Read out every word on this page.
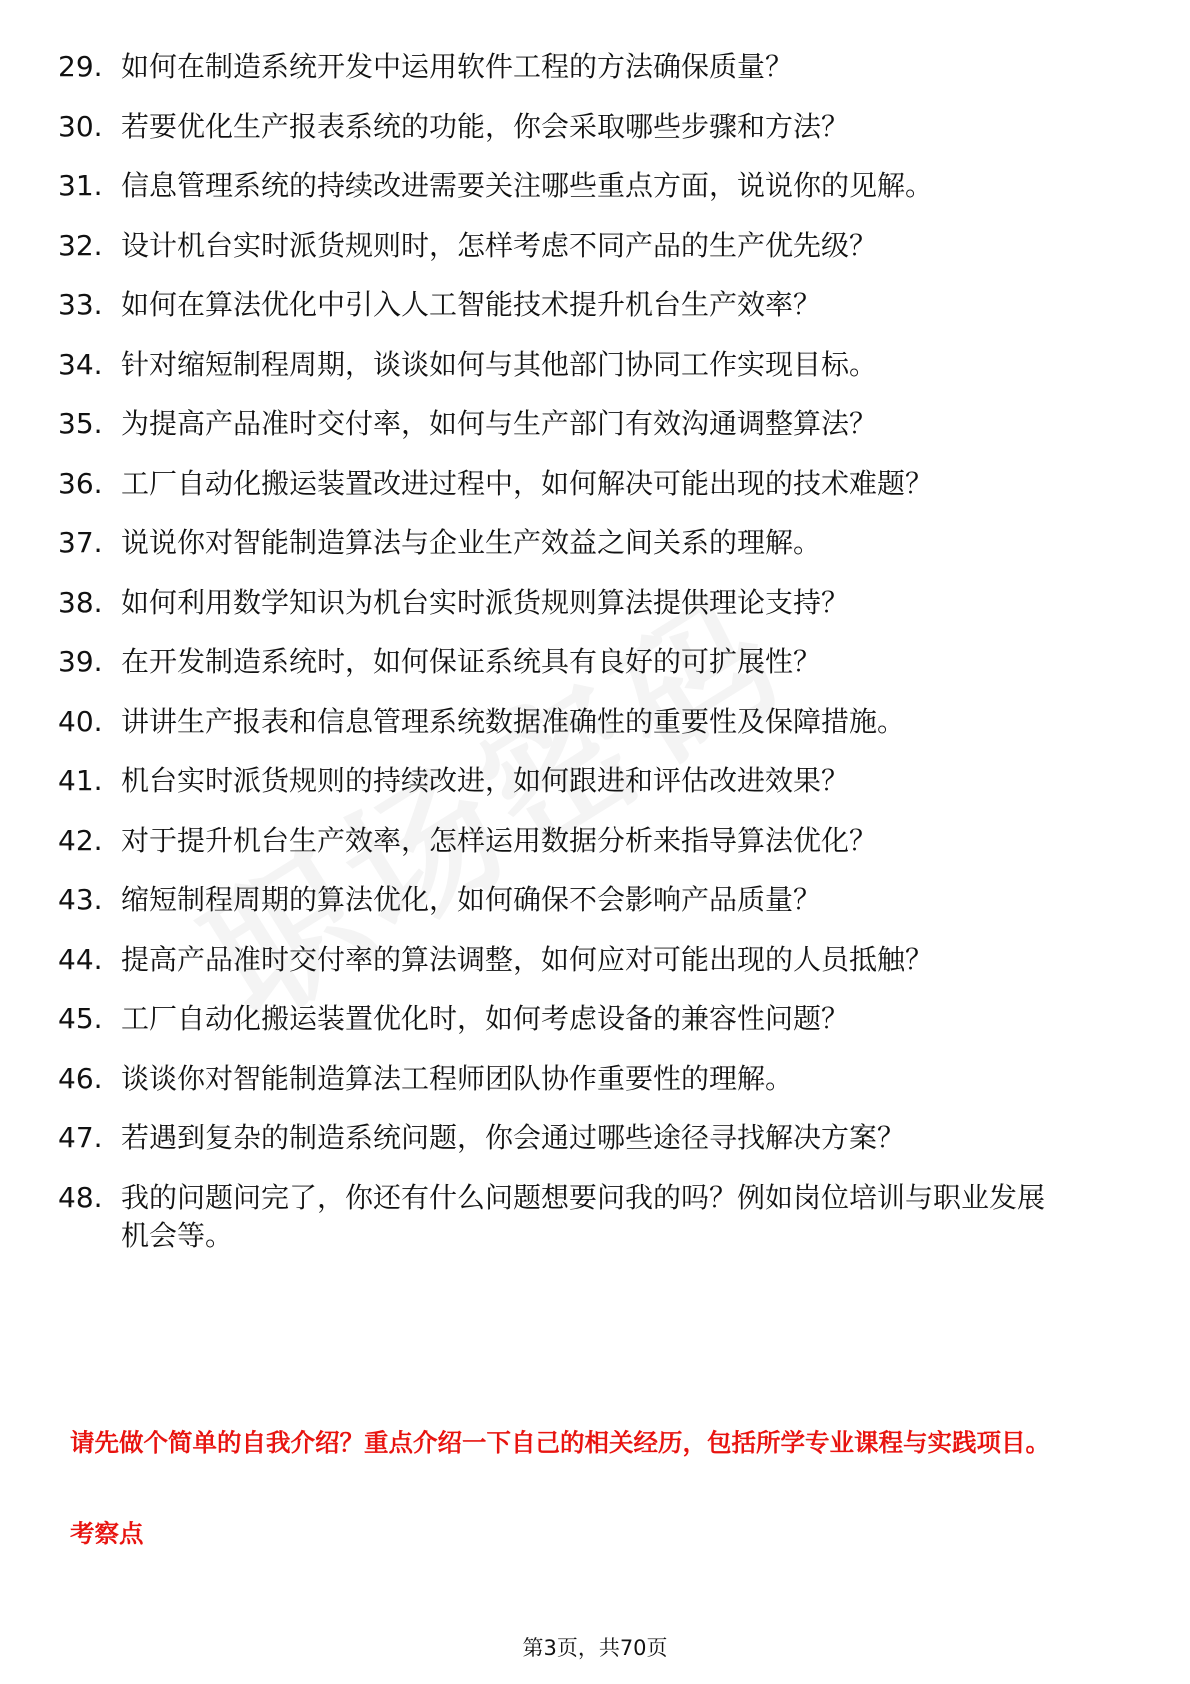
29. 如何在制造系统开发中运用软件工程的方法确保质量？
30. 若要优化生产报表系统的功能，你会采取哪些步骤和方法？
31. 信息管理系统的持续改进需要关注哪些重点方面，说说你的见解。
32. 设计机台实时派货规则时，怎样考虑不同产品的生产优先级？
33. 如何在算法优化中引入人工智能技术提升机台生产效率？
34. 针对缩短制程周期，谈谈如何与其他部门协同工作实现目标。
35. 为提高产品准时交付率，如何与生产部门有效沟通调整算法？
36. 工厂自动化搬运装置改进过程中，如何解决可能出现的技术难题？
37. 说说你对智能制造算法与企业生产效益之间关系的理解。
38. 如何利用数学知识为机台实时派货规则算法提供理论支持？
39. 在开发制造系统时，如何保证系统具有良好的可扩展性？
40. 讲讲生产报表和信息管理系统数据准确性的重要性及保障措施。
41. 机台实时派货规则的持续改进，如何跟进和评估改进效果？
42. 对于提升机台生产效率，怎样运用数据分析来指导算法优化？
43. 缩短制程周期的算法优化，如何确保不会影响产品质量？
44. 提高产品准时交付率的算法调整，如何应对可能出现的人员抵触？
45. 工厂自动化搬运装置优化时，如何考虑设备的兼容性问题？
46. 谈谈你对智能制造算法工程师团队协作重要性的理解。
47. 若遇到复杂的制造系统问题，你会通过哪些途径寻找解决方案？
48. 我的问题问完了，你还有什么问题想要问我的吗？例如岗位培训与职业发展机会等。
请先做个简单的自我介绍？重点介绍一下自己的相关经历，包括所学专业课程与实践项目。
考察点
第3页，共70页
